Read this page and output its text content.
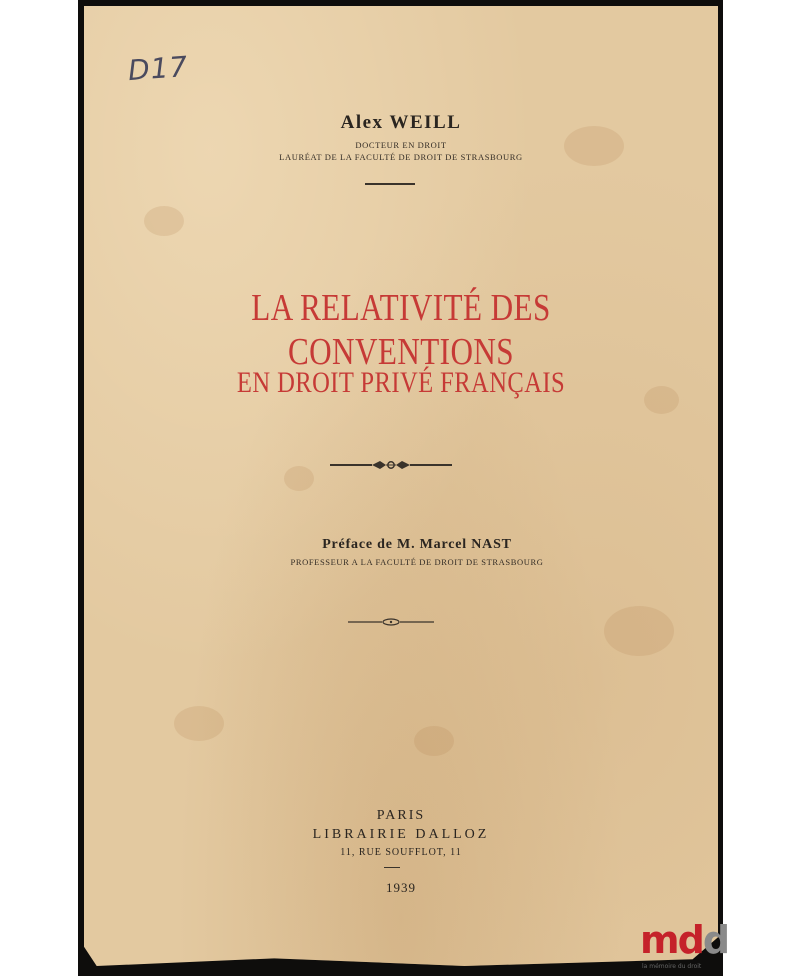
D17
Alex WEILL
DOCTEUR EN DROIT
LAURÉAT DE LA FACULTÉ DE DROIT DE STRASBOURG
LA RELATIVITÉ DES CONVENTIONS
EN DROIT PRIVÉ FRANÇAIS
Préface de M. Marcel NAST
PROFESSEUR A LA FACULTÉ DE DROIT DE STRASBOURG
PARIS
LIBRAIRIE DALLOZ
11, RUE SOUFFLOT, 11
1939
mdd
la mémoire du droit
